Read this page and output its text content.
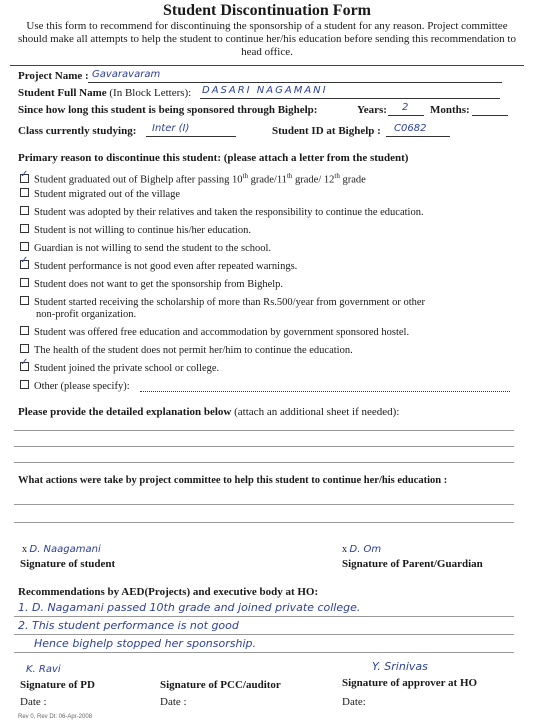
Student Discontinuation Form
Use this form to recommend for discontinuing the sponsorship of a student for any reason. Project committee should make all attempts to help the student to continue her/his education before sending this recommendation to head office.
Project Name : Gavaravaram
Student Full Name (In Block Letters): DASARI NAGAMANI
Since how long this student is being sponsored through Bighelp:	Years: 2 Months:
Class currently studying: Inter (I)	Student ID at Bighelp : C0682
Primary reason to discontinue this student: (please attach a letter from the student)
✓Student graduated out of Bighelp after passing 10th grade/11th grade/ 12th grade
Student migrated out of the village
Student was adopted by their relatives and taken the responsibility to continue the education.
Student is not willing to continue his/her education.
Guardian is not willing to send the student to the school.
✓Student performance is not good even after repeated warnings.
Student does not want to get the sponsorship from Bighelp.
Student started receiving the scholarship of more than Rs.500/year from government or other
non-profit organization.
Student was offered free education and accommodation by government sponsored hostel.
The health of the student does not permit her/him to continue the education.
✓Student joined the private school or college.
Other (please specify):
Please provide the detailed explanation below (attach an additional sheet if needed):
What actions were take by project committee to help this student to continue her/his education :
x D. Naagamani
Signature of student
x D. Om
Signature of Parent/Guardian
Recommendations by AED(Projects) and executive body at HO:
1. D. Nagamani passed 10th grade and joined private college.
2. This student performance is not good
Hence bighelp stopped her sponsorship.
K. Ravi
Signature of PD
Date :
Signature of PCC/auditor
Date :
Y. Srinivas
Signature of approver at HO
Date:
Rev 0, Rev Dt: 06-Apr-2008
